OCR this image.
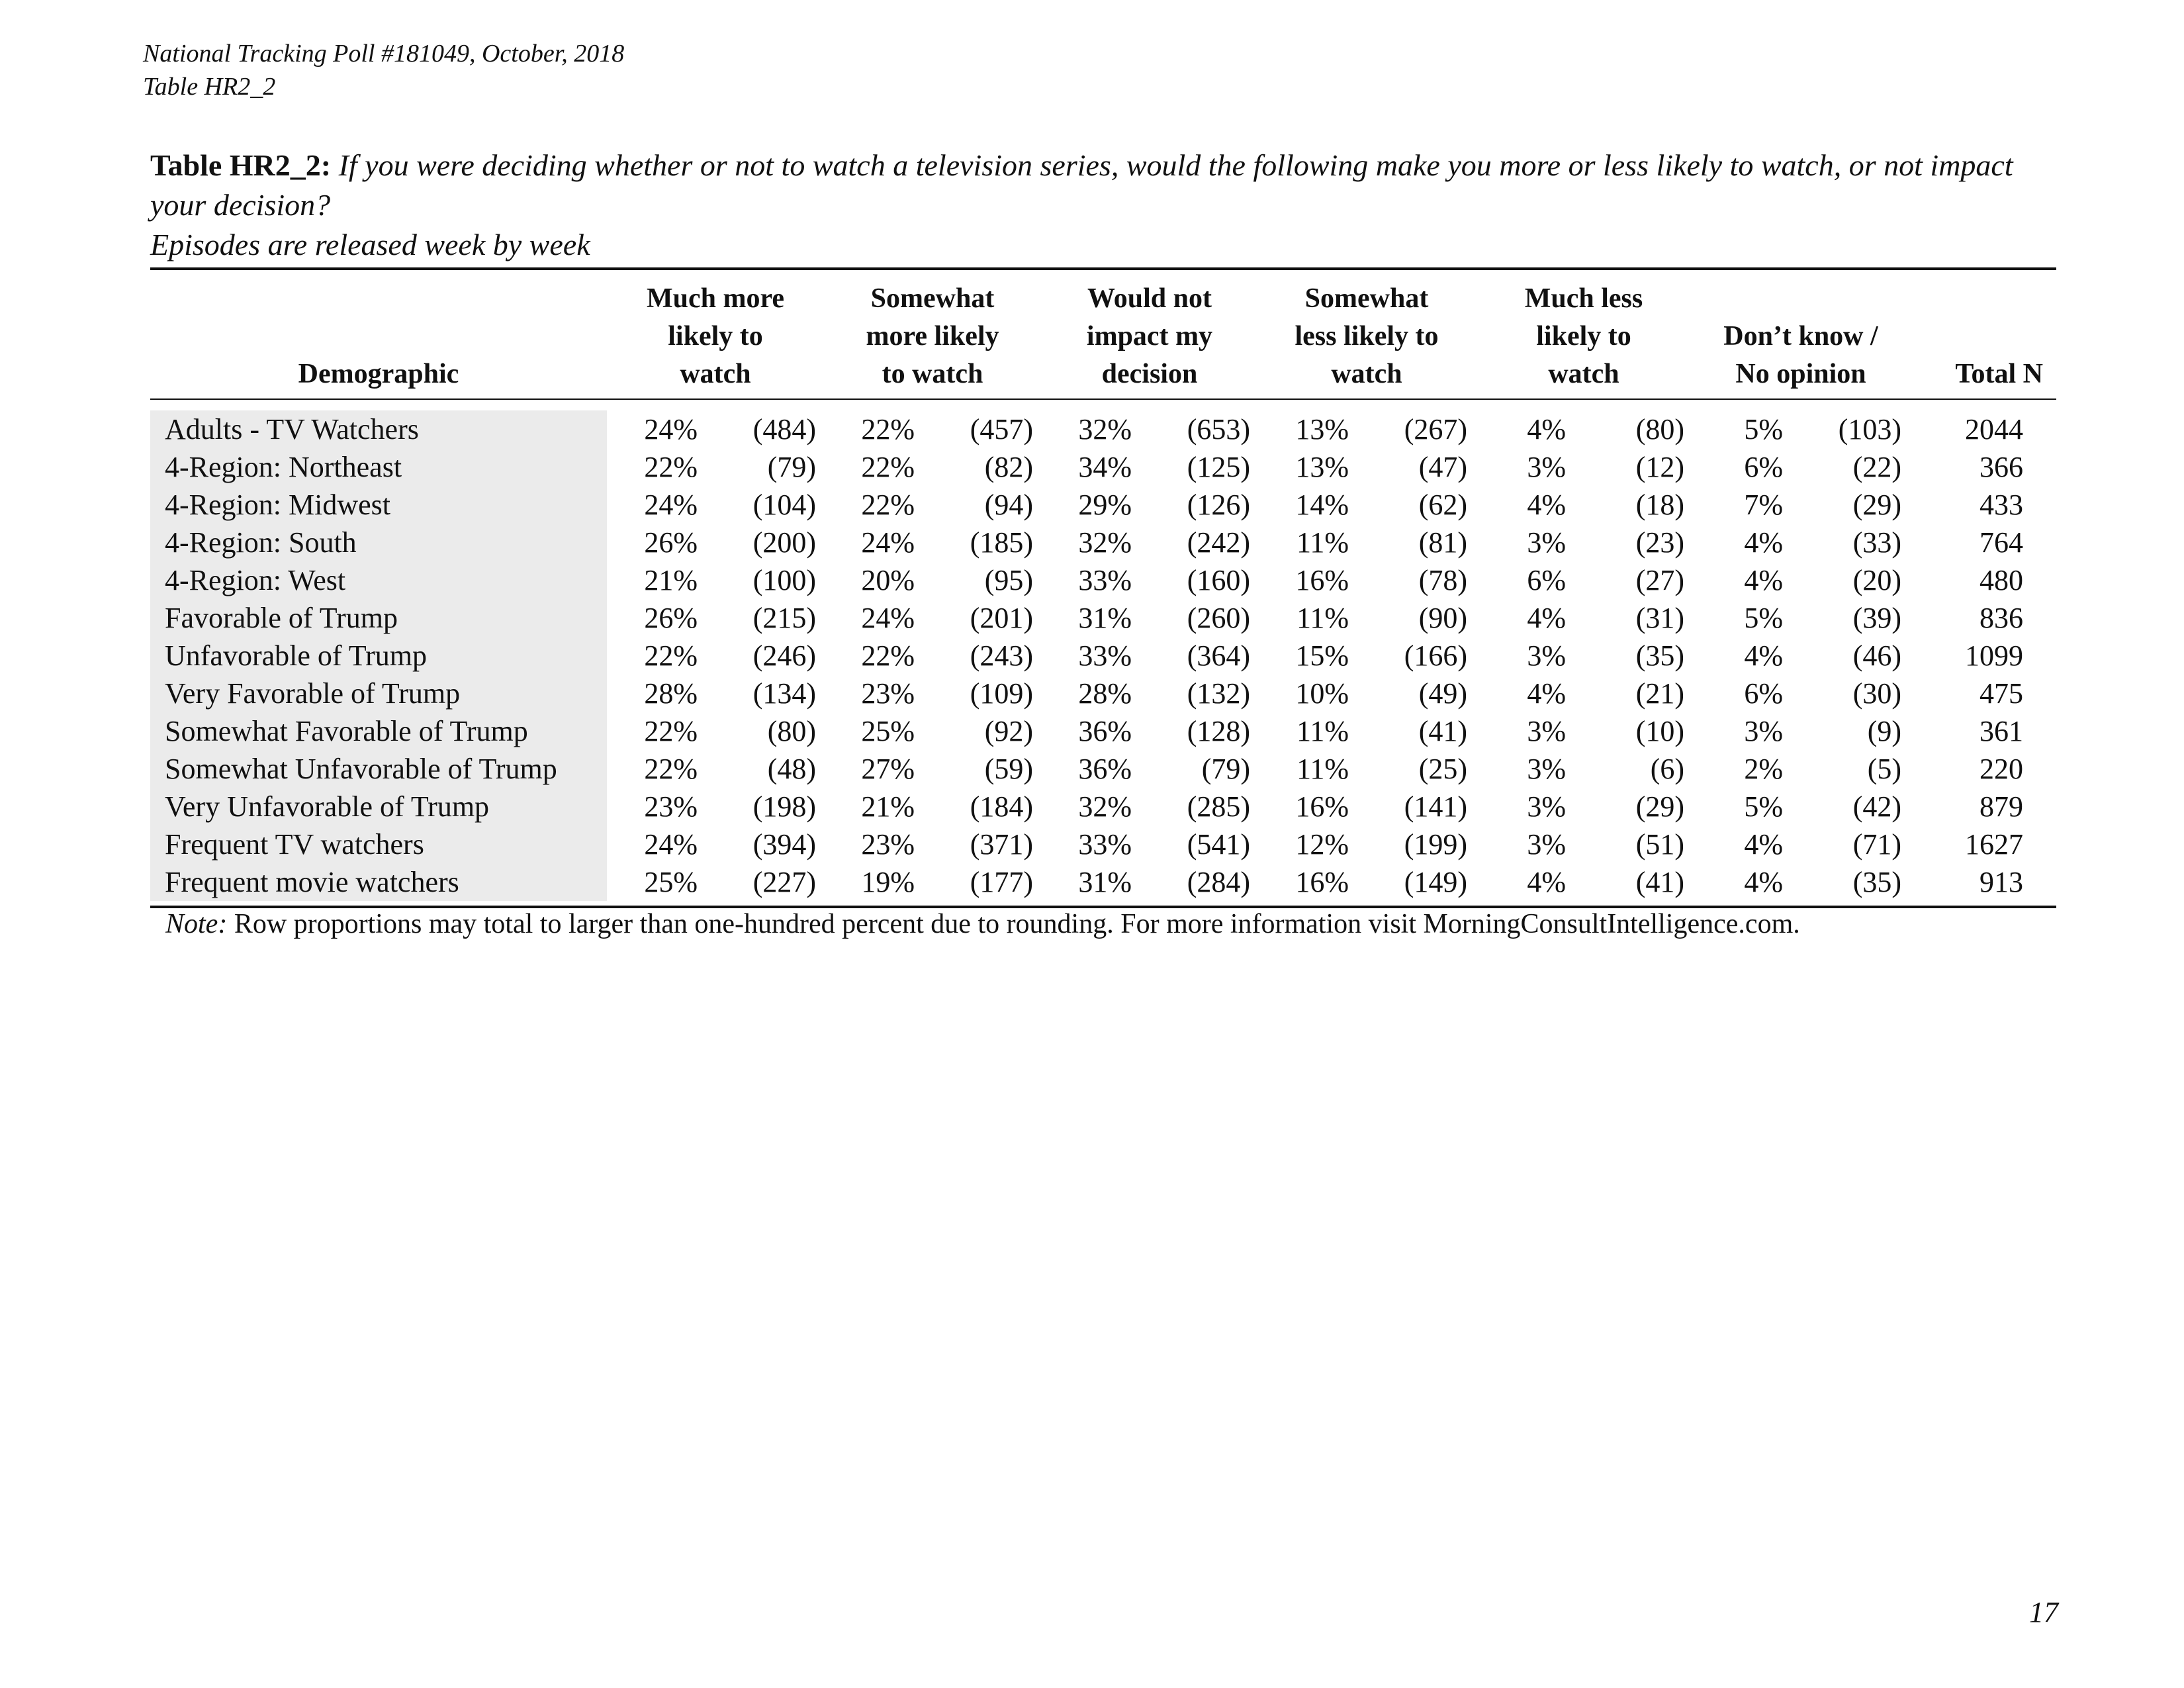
National Tracking Poll #181049, October, 2018
Table HR2_2
Table HR2_2: If you were deciding whether or not to watch a television series, would the following make you more or less likely to watch, or not impact your decision?
Episodes are released week by week
Demographic	Much more likely to watch		Somewhat more likely to watch		Would not impact my decision		Somewhat less likely to watch		Much less likely to watch		Don’t know / No opinion		Total N

Adults - TV Watchers	24%	(484)	22%	(457)	32%	(653)	13%	(267)	4%	(80)	5%	(103)	2044
4-Region: Northeast	22%	(79)	22%	(82)	34%	(125)	13%	(47)	3%	(12)	6%	(22)	366
4-Region: Midwest	24%	(104)	22%	(94)	29%	(126)	14%	(62)	4%	(18)	7%	(29)	433
4-Region: South	26%	(200)	24%	(185)	32%	(242)	11%	(81)	3%	(23)	4%	(33)	764
4-Region: West	21%	(100)	20%	(95)	33%	(160)	16%	(78)	6%	(27)	4%	(20)	480
Favorable of Trump	26%	(215)	24%	(201)	31%	(260)	11%	(90)	4%	(31)	5%	(39)	836
Unfavorable of Trump	22%	(246)	22%	(243)	33%	(364)	15%	(166)	3%	(35)	4%	(46)	1099
Very Favorable of Trump	28%	(134)	23%	(109)	28%	(132)	10%	(49)	4%	(21)	6%	(30)	475
Somewhat Favorable of Trump	22%	(80)	25%	(92)	36%	(128)	11%	(41)	3%	(10)	3%	(9)	361
Somewhat Unfavorable of Trump	22%	(48)	27%	(59)	36%	(79)	11%	(25)	3%	(6)	2%	(5)	220
Very Unfavorable of Trump	23%	(198)	21%	(184)	32%	(285)	16%	(141)	3%	(29)	5%	(42)	879
Frequent TV watchers	24%	(394)	23%	(371)	33%	(541)	12%	(199)	3%	(51)	4%	(71)	1627
Frequent movie watchers	25%	(227)	19%	(177)	31%	(284)	16%	(149)	4%	(41)	4%	(35)	913
Note: Row proportions may total to larger than one-hundred percent due to rounding. For more information visit MorningConsultIntelligence.com.
17
